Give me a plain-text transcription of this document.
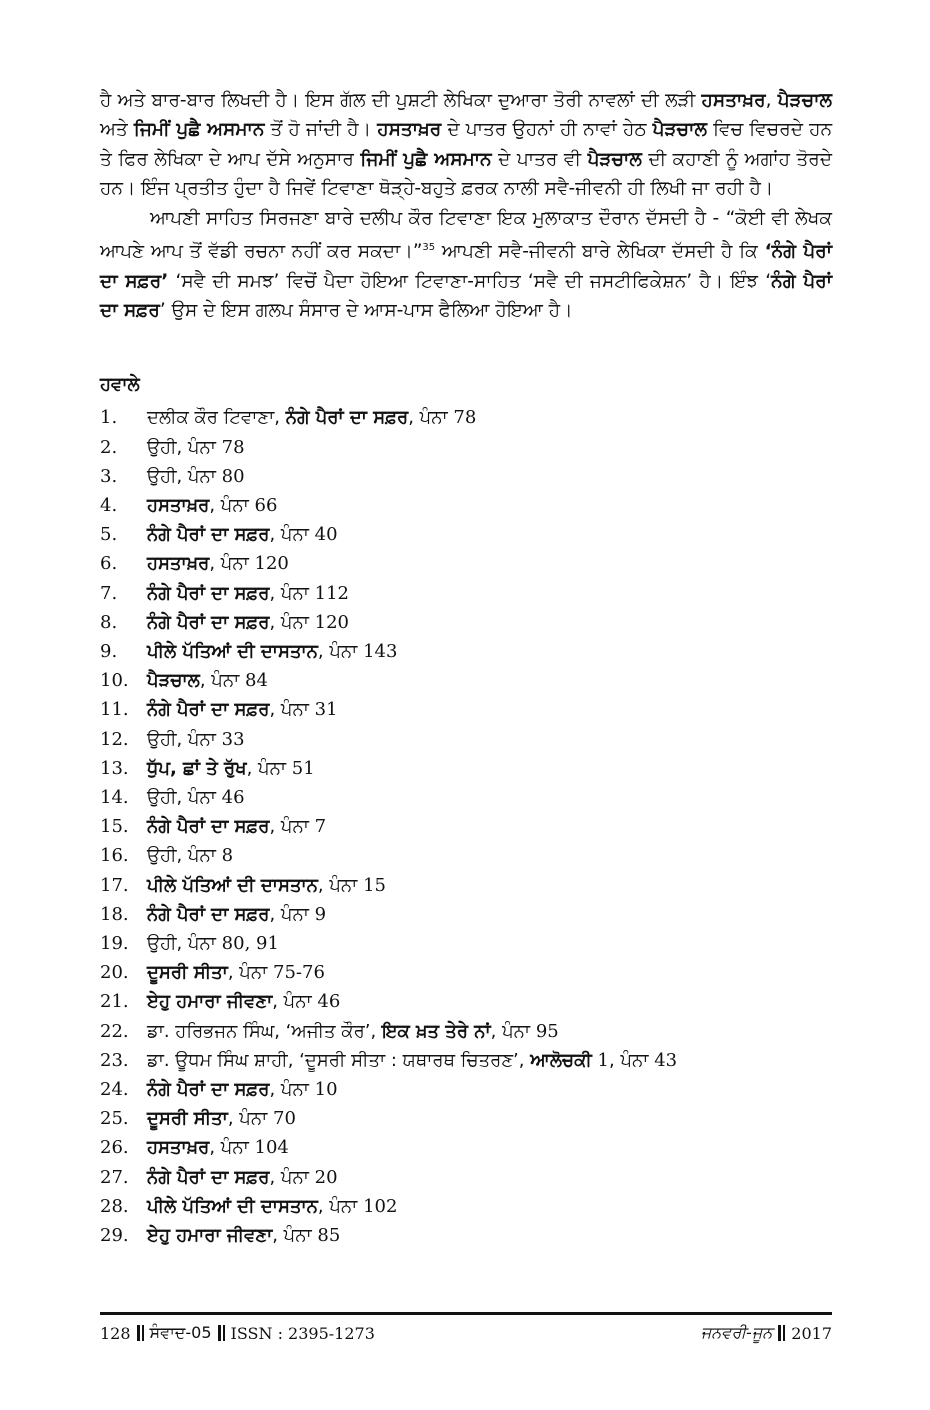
ਹੈ ਅਤੇ ਬਾਰ-ਬਾਰ ਲਿਖਦੀ ਹੈ। ਇਸ ਗੱਲ ਦੀ ਪੁਸ਼ਟੀ ਲੇਖਿਕਾ ਦੁਆਰਾ ਤੋਰੀ ਨਾਵਲਾਂ ਦੀ ਲੜੀ ਹਸਤਾਖ਼ਰ, ਪੈੜਚਾਲ ਅਤੇ ਜਿਮੀਂ ਪੁਛੈ ਅਸਮਾਨ ਤੋਂ ਹੋ ਜਾਂਦੀ ਹੈ। ਹਸਤਾਖ਼ਰ ਦੇ ਪਾਤਰ ਉਹਨਾਂ ਹੀ ਨਾਵਾਂ ਹੇਠ ਪੈੜਚਾਲ ਵਿਚ ਵਿਚਰਦੇ ਹਨ ਤੇ ਫਿਰ ਲੇਖਿਕਾ ਦੇ ਆਪ ਦੱਸੇ ਅਨੁਸਾਰ ਜਿਮੀਂ ਪੁਛੈ ਅਸਮਾਨ ਦੇ ਪਾਤਰ ਵੀ ਪੈੜਚਾਲ ਦੀ ਕਹਾਣੀ ਨੂੰ ਅਗਾਂਹ ਤੋਰਦੇ ਹਨ। ਇੰਜ ਪ੍ਰਤੀਤ ਹੁੰਦਾ ਹੈ ਜਿਵੇਂ ਟਿਵਾਣਾ ਥੋੜ੍ਹੇ-ਬਹੁਤੇ ਫ਼ਰਕ ਨਾਲੀ ਸਵੈ-ਜੀਵਨੀ ਹੀ ਲਿਖੀ ਜਾ ਰਹੀ ਹੈ।

ਆਪਣੀ ਸਾਹਿਤ ਸਿਰਜਣਾ ਬਾਰੇ ਦਲੀਪ ਕੌਰ ਟਿਵਾਣਾ ਇਕ ਮੁਲਾਕਾਤ ਦੌਰਾਨ ਦੱਸਦੀ ਹੈ - “ਕੋਈ ਵੀ ਲੇਖਕ ਆਪਣੇ ਆਪ ਤੋਂ ਵੱਡੀ ਰਚਨਾ ਨਹੀਂ ਕਰ ਸਕਦਾ।”$^{35}$ ਆਪਣੀ ਸਵੈ-ਜੀਵਨੀ ਬਾਰੇ ਲੇਖਿਕਾ ਦੱਸਦੀ ਹੈ ਕਿ ‘ਨੰਗੇ ਪੈਰਾਂ ਦਾ ਸਫ਼ਰ’ ‘ਸਵੈ ਦੀ ਸਮਝ’ ਵਿਚੋਂ ਪੈਦਾ ਹੋਇਆ ਟਿਵਾਣਾ-ਸਾਹਿਤ ‘ਸਵੈ ਦੀ ਜਸਟੀਫਿਕੇਸ਼ਨ’ ਹੈ। ਇੰਝ ‘ਨੰਗੇ ਪੈਰਾਂ ਦਾ ਸਫ਼ਰ’ ਉਸ ਦੇ ਇਸ ਗਲਪ ਸੰਸਾਰ ਦੇ ਆਸ-ਪਾਸ ਫੈਲਿਆ ਹੋਇਆ ਹੈ।

ਹਵਾਲੇ
1.	ਦਲੀਕ ਕੌਰ ਟਿਵਾਣਾ, ਨੰਗੇ ਪੈਰਾਂ ਦਾ ਸਫ਼ਰ, ਪੰਨਾ 78
2.	ਉਹੀ, ਪੰਨਾ 78
3.	ਉਹੀ, ਪੰਨਾ 80
4.	ਹਸਤਾਖ਼ਰ, ਪੰਨਾ 66
5.	ਨੰਗੇ ਪੈਰਾਂ ਦਾ ਸਫ਼ਰ, ਪੰਨਾ 40
6.	ਹਸਤਾਖ਼ਰ, ਪੰਨਾ 120
7.	ਨੰਗੇ ਪੈਰਾਂ ਦਾ ਸਫ਼ਰ, ਪੰਨਾ 112
8.	ਨੰਗੇ ਪੈਰਾਂ ਦਾ ਸਫ਼ਰ, ਪੰਨਾ 120
9.	ਪੀਲੇ ਪੱਤਿਆਂ ਦੀ ਦਾਸਤਾਨ, ਪੰਨਾ 143
10.	ਪੈੜਚਾਲ, ਪੰਨਾ 84
11.	ਨੰਗੇ ਪੈਰਾਂ ਦਾ ਸਫ਼ਰ, ਪੰਨਾ 31
12.	ਉਹੀ, ਪੰਨਾ 33
13.	ਧੁੱਪ, ਛਾਂ ਤੇ ਰੁੱਖ, ਪੰਨਾ 51
14.	ਉਹੀ, ਪੰਨਾ 46
15.	ਨੰਗੇ ਪੈਰਾਂ ਦਾ ਸਫ਼ਰ, ਪੰਨਾ 7
16.	ਉਹੀ, ਪੰਨਾ 8
17.	ਪੀਲੇ ਪੱਤਿਆਂ ਦੀ ਦਾਸਤਾਨ, ਪੰਨਾ 15
18.	ਨੰਗੇ ਪੈਰਾਂ ਦਾ ਸਫ਼ਰ, ਪੰਨਾ 9
19.	ਉਹੀ, ਪੰਨਾ 80, 91
20.	ਦੂਸਰੀ ਸੀਤਾ, ਪੰਨਾ 75-76
21.	ਏਹੁ ਹਮਾਰਾ ਜੀਵਣਾ, ਪੰਨਾ 46
22.	ਡਾ. ਹਰਿਭਜਨ ਸਿੰਘ, ‘ਅਜੀਤ ਕੌਰ’, ਇਕ ਖ਼ਤ ਤੇਰੇ ਨਾਂ, ਪੰਨਾ 95
23.	ਡਾ. ਊਧਮ ਸਿੰਘ ਸ਼ਾਹੀ, ‘ਦੂਸਰੀ ਸੀਤਾ : ਯਥਾਰਥ ਚਿਤਰਣ’, ਆਲੋਚਕੀ 1, ਪੰਨਾ 43
24.	ਨੰਗੇ ਪੈਰਾਂ ਦਾ ਸਫ਼ਰ, ਪੰਨਾ 10
25.	ਦੂਸਰੀ ਸੀਤਾ, ਪੰਨਾ 70
26.	ਹਸਤਾਖ਼ਰ, ਪੰਨਾ 104
27.	ਨੰਗੇ ਪੈਰਾਂ ਦਾ ਸਫ਼ਰ, ਪੰਨਾ 20
28.	ਪੀਲੇ ਪੱਤਿਆਂ ਦੀ ਦਾਸਤਾਨ, ਪੰਨਾ 102
29.	ਏਹੁ ਹਮਾਰਾ ਜੀਵਣਾ, ਪੰਨਾ 85
128 ਸੰਵਾਦ-05 ISSN : 2395-1273	ਜਨਵਰੀ-ਜੂਨ 2017
